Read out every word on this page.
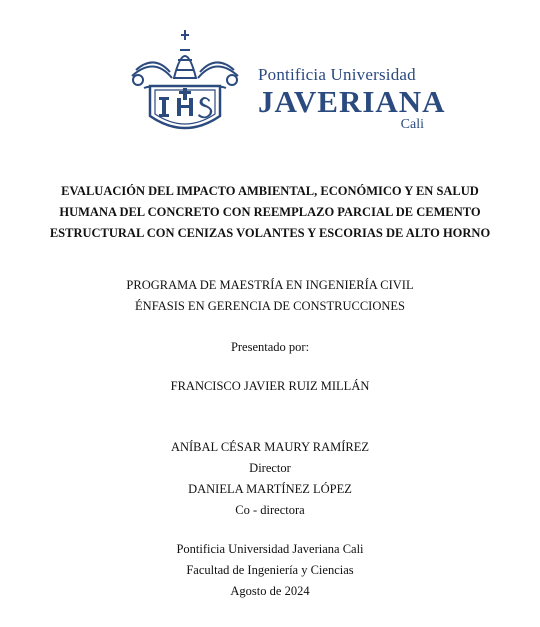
Pontificia Universidad
JAVERIANA
Cali
EVALUACIÓN DEL IMPACTO AMBIENTAL, ECONÓMICO Y EN SALUD
HUMANA DEL CONCRETO CON REEMPLAZO PARCIAL DE CEMENTO
ESTRUCTURAL CON CENIZAS VOLANTES Y ESCORIAS DE ALTO HORNO
PROGRAMA DE MAESTRÍA EN INGENIERÍA CIVIL
ÉNFASIS EN GERENCIA DE CONSTRUCCIONES
Presentado por:
FRANCISCO JAVIER RUIZ MILLÁN
ANÍBAL CÉSAR MAURY RAMÍREZ
Director
DANIELA MARTÍNEZ LÓPEZ
Co - directora
Pontificia Universidad Javeriana Cali
Facultad de Ingeniería y Ciencias
Agosto de 2024
